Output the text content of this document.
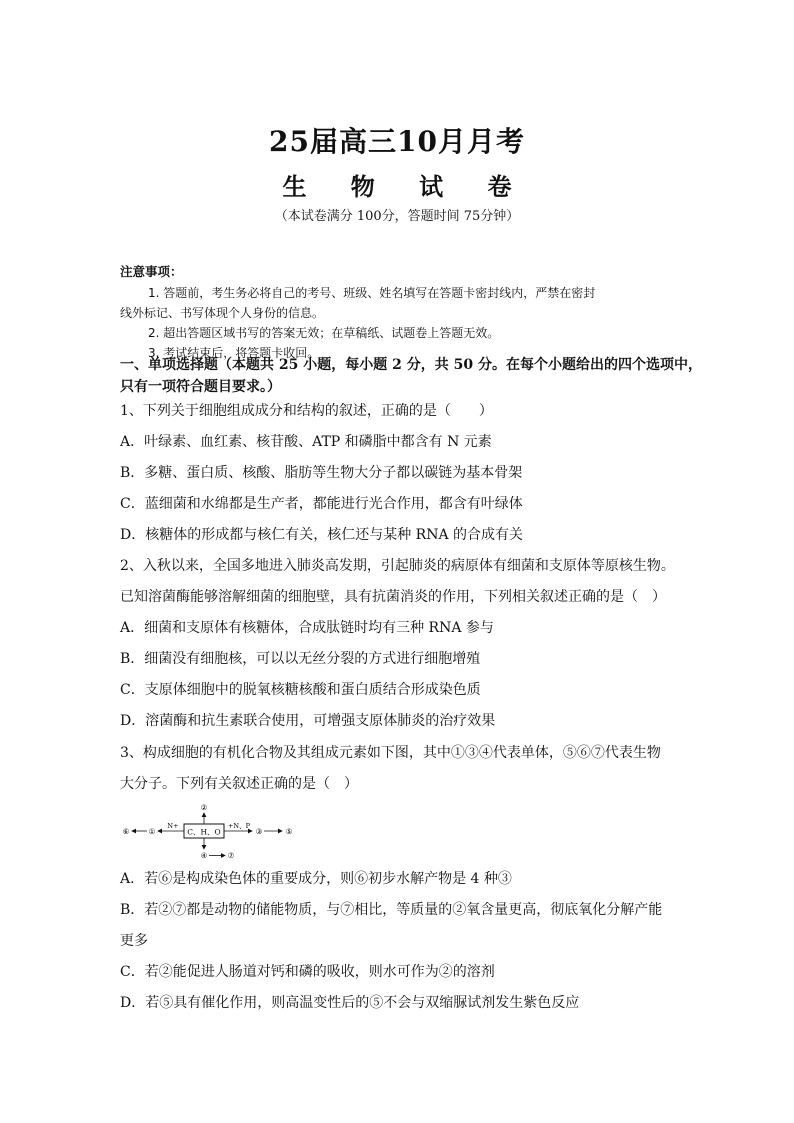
25届高三10月月考
生 物 试 卷
（本试卷满分 100分，答题时间 75分钟）
注意事项：
1. 答题前，考生务必将自己的考号、班级、姓名填写在答题卡密封线内，严禁在密封
线外标记、书写体现个人身份的信息。
2. 超出答题区域书写的答案无效；在草稿纸、试题卷上答题无效。
3. 考试结束后，将答题卡收回。
一、单项选择题（本题共 25 小题，每小题 2 分，共 50 分。在每个小题给出的四个选项中，
只有一项符合题目要求。）
1、下列关于细胞组成成分和结构的叙述，正确的是（　　）
A．叶绿素、血红素、核苷酸、ATP 和磷脂中都含有 N 元素
B．多糖、蛋白质、核酸、脂肪等生物大分子都以碳链为基本骨架
C．蓝细菌和水绵都是生产者，都能进行光合作用，都含有叶绿体
D．核糖体的形成都与核仁有关，核仁还与某种 RNA 的合成有关
2、入秋以来，全国多地进入肺炎高发期，引起肺炎的病原体有细菌和支原体等原核生物。
已知溶菌酶能够溶解细菌的细胞壁，具有抗菌消炎的作用，下列相关叙述正确的是（　）
A．细菌和支原体有核糖体，合成肽链时均有三种 RNA 参与
B．细菌没有细胞核，可以以无丝分裂的方式进行细胞增殖
C．支原体细胞中的脱氧核糖核酸和蛋白质结合形成染色质
D．溶菌酶和抗生素联合使用，可增强支原体肺炎的治疗效果
3、构成细胞的有机化合物及其组成元素如下图，其中①③④代表单体，⑤⑥⑦代表生物
大分子。下列有关叙述正确的是（　）
C、H、O
②
④	⑦
N+
①
⑥
+N、P
③	⑤
A．若⑥是构成染色体的重要成分，则⑥初步水解产物是 4 种③
B．若②⑦都是动物的储能物质，与⑦相比，等质量的②氧含量更高，彻底氧化分解产能
更多
C．若②能促进人肠道对钙和磷的吸收，则水可作为②的溶剂
D．若⑤具有催化作用，则高温变性后的⑤不会与双缩脲试剂发生紫色反应
